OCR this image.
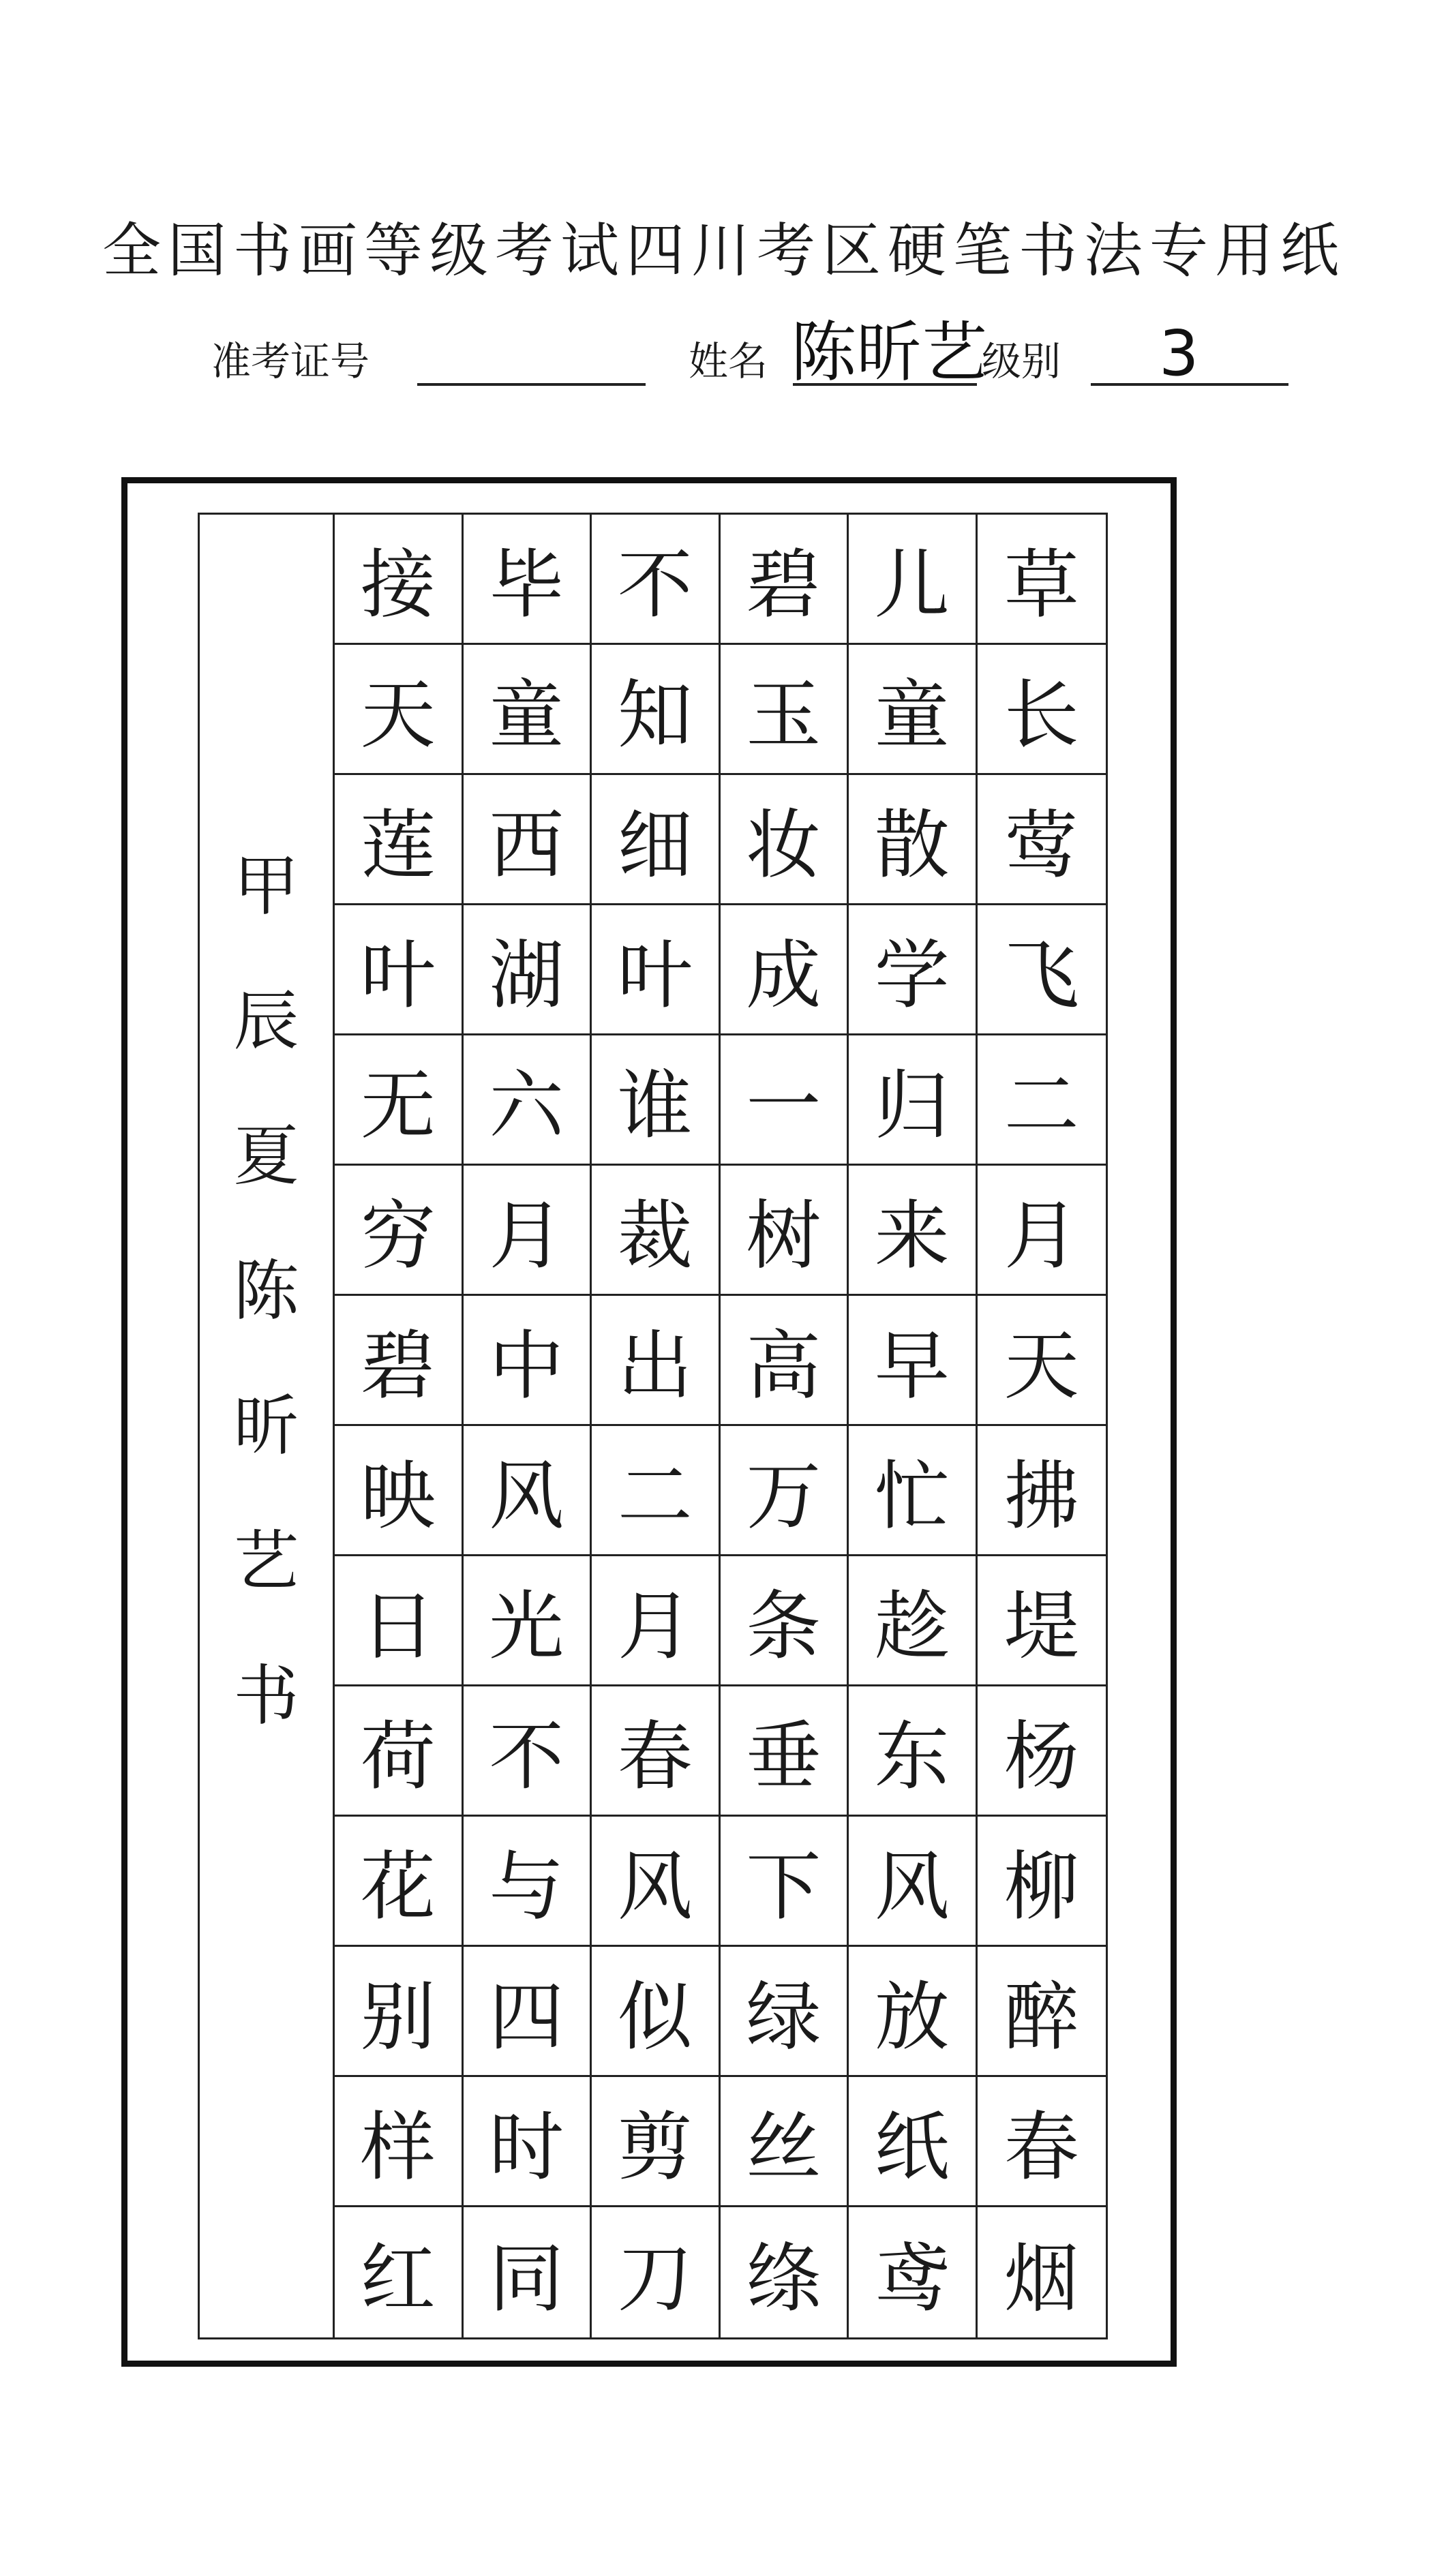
全国书画等级考试四川考区硬笔书法专用纸
准考证号	姓名 陈昕艺
级别 3
甲
辰
夏
陈
昕
艺
书
草
长
莺
飞
二
月
天
拂
堤
杨
柳
醉
春
烟
儿
童
散
学
归
来
早
忙
趁
东
风
放
纸
鸢
碧
玉
妆
成
一
树
高
万
条
垂
下
绿
丝
绦
不
知
细
叶
谁
裁
出
二
月
春
风
似
剪
刀
毕
童
西
湖
六
月
中
风
光
不
与
四
时
同
接
天
莲
叶
无
穷
碧
映
日
荷
花
别
样
红
